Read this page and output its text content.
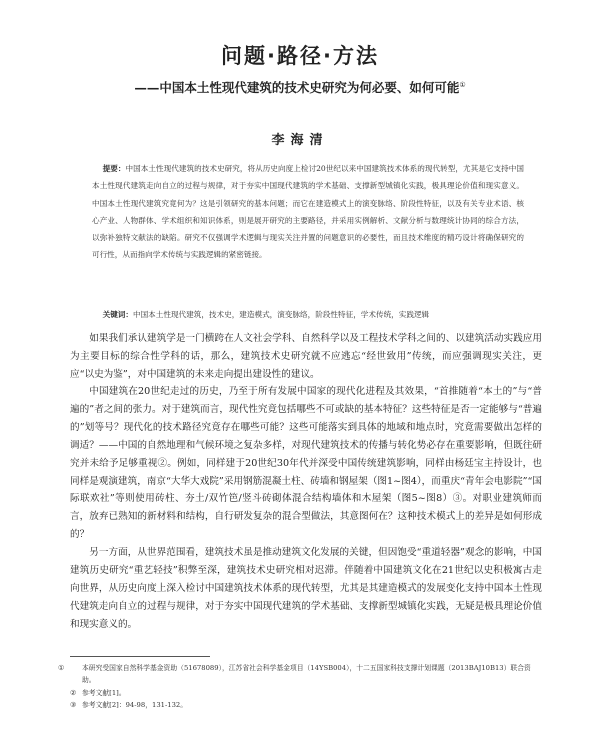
问题·路径·方法
——中国本土性现代建筑的技术史研究为何必要、如何可能①
李海清

提要：中国本土性现代建筑的技术史研究，将从历史向度上检讨20世纪以来中国建筑技术体系的现代转型，尤其是它支持中国本土性现代建筑走向自立的过程与规律，对于夯实中国现代建筑的学术基础、支撑新型城镇化实践，极具理论价值和现实意义。中国本土性现代建筑究竟何为？这是引领研究的基本问题；而它在建造模式上的演变脉络、阶段性特征，以及有关专业术语、核心产业、人物群体、学术组织和知识体系，则是展开研究的主要路径，并采用实例解析、文献分析与数理统计协同的综合方法，以弥补独特文献法的缺陷。研究不仅强调学术逻辑与现实关注并置的问题意识的必要性，而且技术维度的精巧设计将确保研究的可行性，从而指向学术传统与实践逻辑的紧密链接。

关键词：中国本土性现代建筑，技术史，建造模式，演变脉络，阶段性特征，学术传统，实践逻辑

如果我们承认建筑学是一门横跨在人文社会学科、自然科学以及工程技术学科之间的、以建筑活动实践应用为主要目标的综合性学科的话，那么，建筑技术史研究就不应逃忘“经世致用”传统，而应强调现实关注，更应“以史为鉴”，对中国建筑的未来走向提出建设性的建议。

中国建筑在20世纪走过的历史，乃至于所有发展中国家的现代化进程及其效果，“首推随着“本土的”与“普遍的”者之间的张力。对于建筑而言，现代性究竟包括哪些不可或缺的基本特征？这些特征是否一定能够与“普遍的”划等号？现代化的技术路径究竟存在哪些可能？这些可能落实到具体的地域和地点时，究竟需要做出怎样的调适？——中国的自然地理和气候环境之复杂多样，对现代建筑技术的传播与转化势必存在重要影响，但既往研究并未给予足够重视②。例如，同样建于20世纪30年代并深受中国传统建筑影响，同样由杨廷宝主持设计，也同样是观演建筑，南京“大华大戏院”采用钢筋混凝土柱、砖墙和钢屋架（图1~图4），而重庆“青年会电影院”“国际联欢社”等则使用砖柱、夯土/双竹笆/竖斗砖砌体混合结构墙体和木屋架（图5~图8）③。对职业建筑师而言，放弃已熟知的新材料和结构，自行研发复杂的混合型做法，其意图何在？这种技术模式上的差异是如何形成的？

另一方面，从世界范围看，建筑技术虽是推动建筑文化发展的关键，但因饱受“重道轻器”观念的影响，中国建筑历史研究“重艺轻技”积弊至深，建筑技术史研究相对迟滞。伴随着中国建筑文化在21世纪以史积极寓古走向世界，从历史向度上深入检讨中国建筑技术体系的现代转型，尤其是其建造模式的发展变化支持中国本土性现代建筑走向自立的过程与规律，对于夯实中国现代建筑的学术基础、支撑新型城镇化实践，无疑是极具理论价值和现实意义的。

①	本研究受国家自然科学基金资助（51678089），江苏省社会科学基金项目（14YSB004），十二五国家科技支撑计划课题（2013BAJ10B13）联合资助。

② 参考文献[1]。

③ 参考文献[2]：94-98，131-132。
